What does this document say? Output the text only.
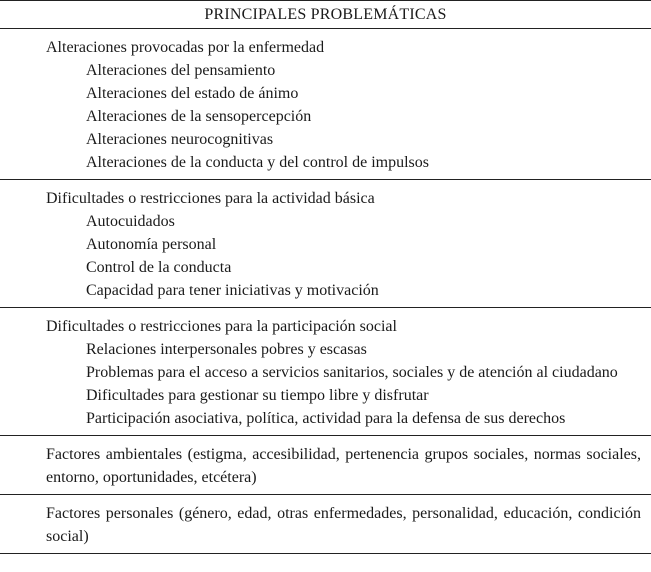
PRINCIPALES PROBLEMÁTICAS
Alteraciones provocadas por la enfermedad
Alteraciones del pensamiento
Alteraciones del estado de ánimo
Alteraciones de la sensopercepción
Alteraciones neurocognitivas
Alteraciones de la conducta y del control de impulsos
Dificultades o restricciones para la actividad básica
Autocuidados
Autonomía personal
Control de la conducta
Capacidad para tener iniciativas y motivación
Dificultades o restricciones para la participación social
Relaciones interpersonales pobres y escasas
Problemas para el acceso a servicios sanitarios, sociales y de atención al ciudadano
Dificultades para gestionar su tiempo libre y disfrutar
Participación asociativa, política, actividad para la defensa de sus derechos
Factores ambientales (estigma, accesibilidad, pertenencia grupos sociales, normas sociales, entorno, oportunidades, etcétera)
Factores personales (género, edad, otras enfermedades, personalidad, educación, condición social)
